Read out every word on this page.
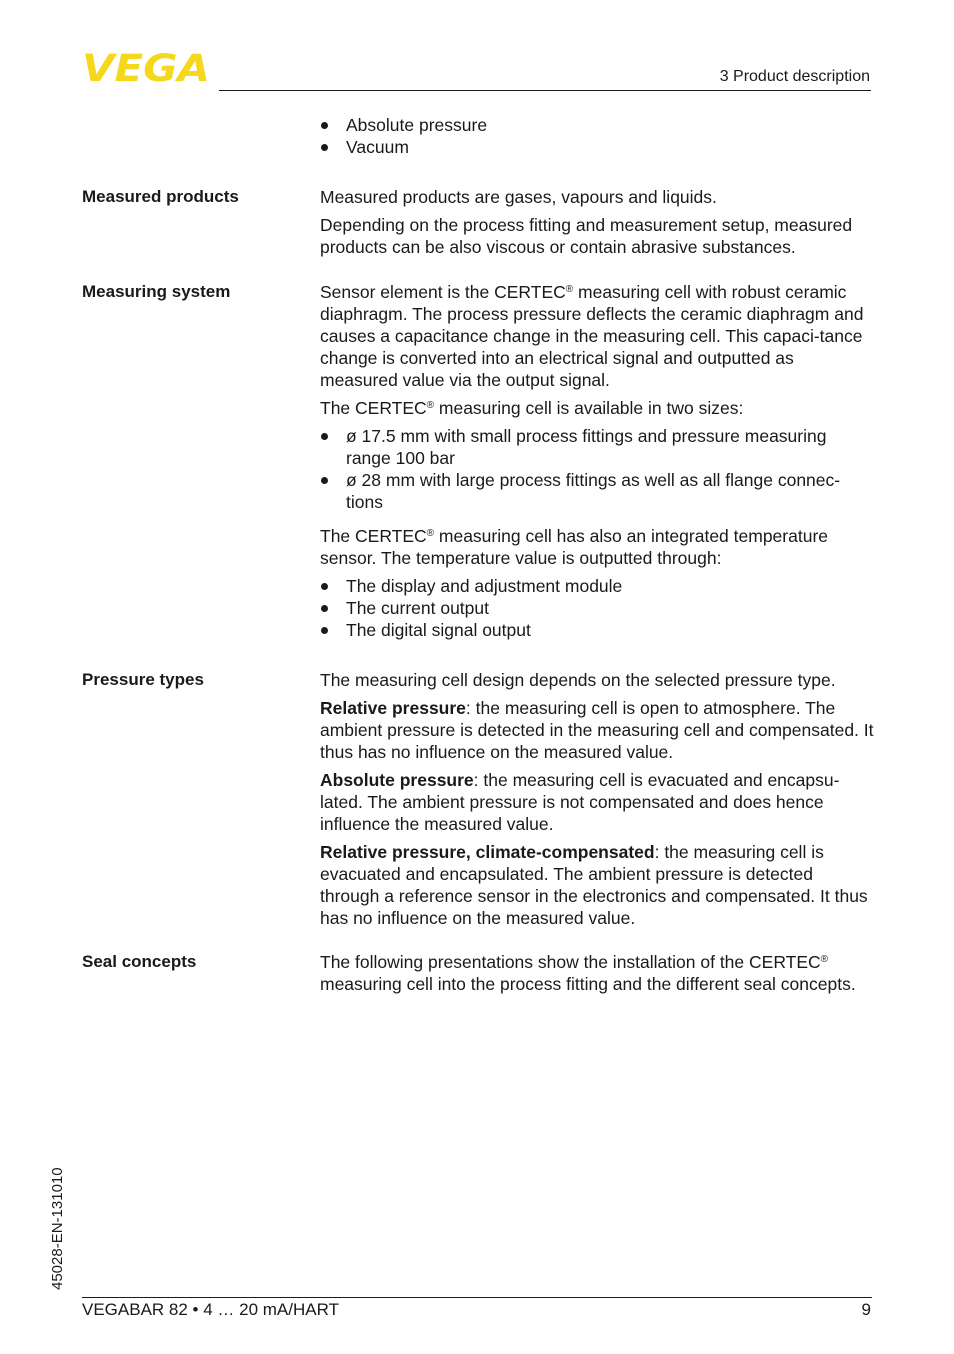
VEGA	3 Product description
Absolute pressure
Vacuum
Measured products	Measured products are gases, vapours and liquids.

Depending on the process fitting and measurement setup, measured products can be also viscous or contain abrasive substances.

Measuring system	Sensor element is the CERTEC® measuring cell with robust ceramic diaphragm. The process pressure deflects the ceramic diaphragm and causes a capacitance change in the measuring cell. This capaci-tance change is converted into an electrical signal and outputted as measured value via the output signal.

The CERTEC® measuring cell is available in two sizes:

ø 17.5 mm with small process fittings and pressure measuring range 100 bar
ø 28 mm with large process fittings as well as all flange connec-tions

The CERTEC® measuring cell has also an integrated temperature sensor. The temperature value is outputted through:

The display and adjustment module
The current output
The digital signal output
Pressure types	The measuring cell design depends on the selected pressure type.

Relative pressure: the measuring cell is open to atmosphere. The ambient pressure is detected in the measuring cell and compensated. It thus has no influence on the measured value.

Absolute pressure: the measuring cell is evacuated and encapsu-lated. The ambient pressure is not compensated and does hence influence the measured value.

Relative pressure, climate-compensated: the measuring cell is evacuated and encapsulated. The ambient pressure is detected through a reference sensor in the electronics and compensated. It thus has no influence on the measured value.

Seal concepts	The following presentations show the installation of the CERTEC® measuring cell into the process fitting and the different seal concepts.

45028-EN-131010
VEGABAR 82 • 4 … 20 mA/HART	9
